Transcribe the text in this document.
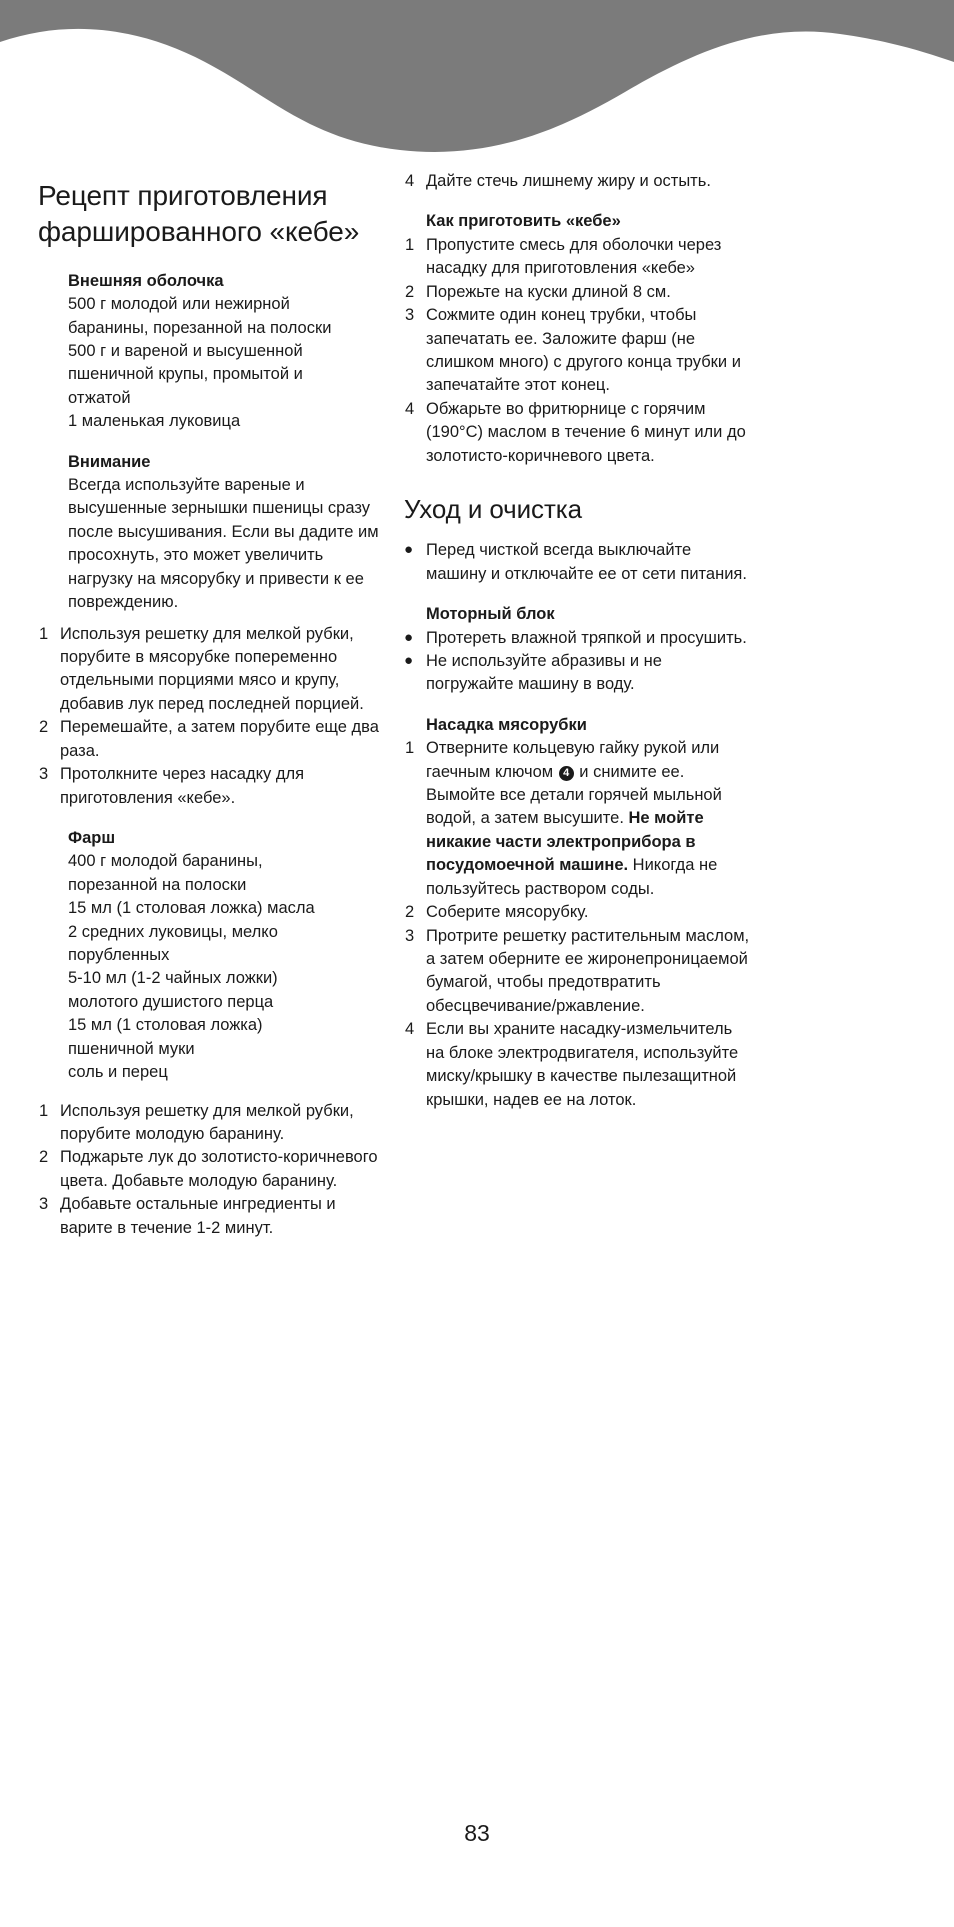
Рецепт приготовления фаршированного «кебе»
Внешняя оболочка
500 г молодой или нежирной
баранины, порезанной на полоски
500 г и вареной и высушенной
пшеничной крупы, промытой и
отжатой
1 маленькая луковица
Внимание
Всегда используйте вареные и высушенные зернышки пшеницы сразу после высушивания. Если вы дадите им просохнуть, это может увеличить нагрузку на мясорубку и привести к ее повреждению.
1 Используя решетку для мелкой рубки, порубите в мясорубке попеременно отдельными порциями мясо и крупу, добавив лук перед последней порцией.
2 Перемешайте, а затем порубите еще два раза.
3 Протолкните через насадку для приготовления «кебе».
Фарш
400 г молодой баранины,
порезанной на полоски
15 мл (1 столовая ложка) масла
2 средних луковицы, мелко
порубленных
5-10 мл (1-2 чайных ложки)
молотого душистого перца
15 мл (1 столовая ложка)
пшеничной муки
соль и перец
1 Используя решетку для мелкой рубки, порубите молодую баранину.
2 Поджарьте лук до золотисто-коричневого цвета. Добавьте молодую баранину.
3 Добавьте остальные ингредиенты и варите в течение 1-2 минут.
4 Дайте стечь лишнему жиру и остыть.
Как приготовить «кебе»
1 Пропустите смесь для оболочки через насадку для приготовления «кебе»
2 Порежьте на куски длиной 8 см.
3 Сожмите один конец трубки, чтобы запечатать ее. Заложите фарш (не слишком много) с другого конца трубки и запечатайте этот конец.
4 Обжарьте во фритюрнице с горячим (190°С) маслом в течение 6 минут или до золотисто-коричневого цвета.
Уход и очистка
● Перед чисткой всегда выключайте машину и отключайте ее от сети питания.
Моторный блок
● Протереть влажной тряпкой и просушить.
● Не используйте абразивы и не погружайте машину в воду.
Насадка мясорубки
1 Отверните кольцевую гайку рукой или гаечным ключом 4 и снимите ее. Вымойте все детали горячей мыльной водой, а затем высушите. Не мойте никакие части электроприбора в посудомоечной машине. Никогда не пользуйтесь раствором соды.
2 Соберите мясорубку.
3 Протрите решетку растительным маслом, а затем оберните ее жиронепроницаемой бумагой, чтобы предотвратить обесцвечивание/ржавление.
4 Если вы храните насадку-измельчитель на блоке электродвигателя, используйте миску/крышку в качестве пылезащитной крышки, надев ее на лоток.
83
